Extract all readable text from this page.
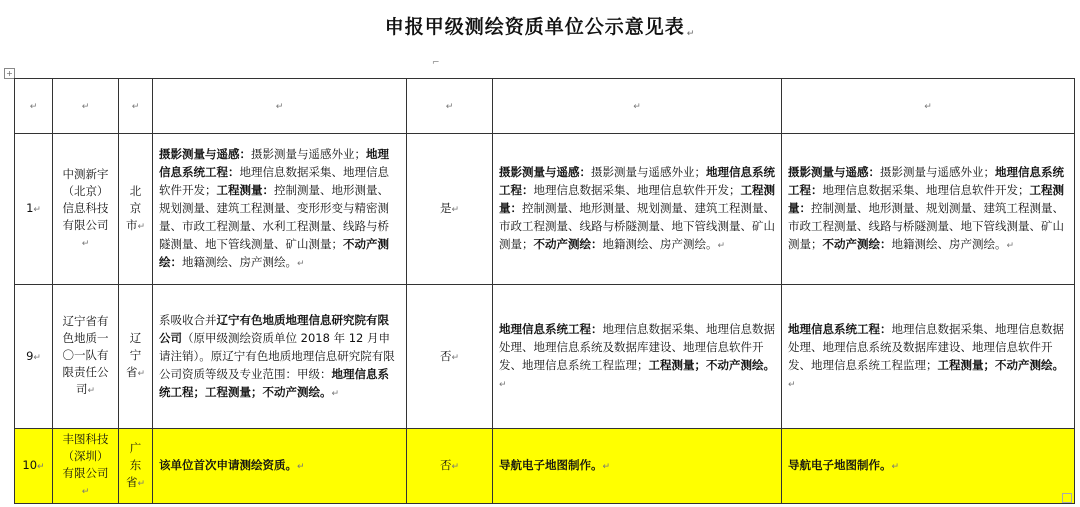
申报甲级测绘资质单位公示意见表 ↵
⌐
+
↵	↵	↵	↵	↵	↵	↵
1↵	中测新宇（北京）信息科技有限公司↵	北京市↵	摄影测量与遥感：摄影测量与遥感外业；地理信息系统工程：地理信息数据采集、地理信息软件开发；工程测量：控制测量、地形测量、规划测量、建筑工程测量、变形形变与精密测量、市政工程测量、水利工程测量、线路与桥隧测量、地下管线测量、矿山测量；不动产测绘：地籍测绘、房产测绘。↵	是↵	摄影测量与遥感：摄影测量与遥感外业；地理信息系统工程：地理信息数据采集、地理信息软件开发；工程测量：控制测量、地形测量、规划测量、建筑工程测量、市政工程测量、线路与桥隧测量、地下管线测量、矿山测量；不动产测绘：地籍测绘、房产测绘。↵	摄影测量与遥感：摄影测量与遥感外业；地理信息系统工程：地理信息数据采集、地理信息软件开发；工程测量：控制测量、地形测量、规划测量、建筑工程测量、市政工程测量、线路与桥隧测量、地下管线测量、矿山测量；不动产测绘：地籍测绘、房产测绘。↵
9↵	辽宁省有色地质一〇一队有限责任公司↵	辽宁省↵	系吸收合并辽宁有色地质地理信息研究院有限公司（原甲级测绘资质单位 2018 年 12 月申请注销）。原辽宁有色地质地理信息研究院有限公司资质等级及专业范围：甲级：地理信息系统工程；工程测量；不动产测绘。↵	否↵	地理信息系统工程：地理信息数据采集、地理信息数据处理、地理信息系统及数据库建设、地理信息软件开发、地理信息系统工程监理；工程测量；不动产测绘。↵	地理信息系统工程：地理信息数据采集、地理信息数据处理、地理信息系统及数据库建设、地理信息软件开发、地理信息系统工程监理；工程测量；不动产测绘。↵
10↵	丰图科技（深圳）有限公司↵	广东省↵	该单位首次申请测绘资质。↵	否↵	导航电子地图制作。↵	导航电子地图制作。↵
